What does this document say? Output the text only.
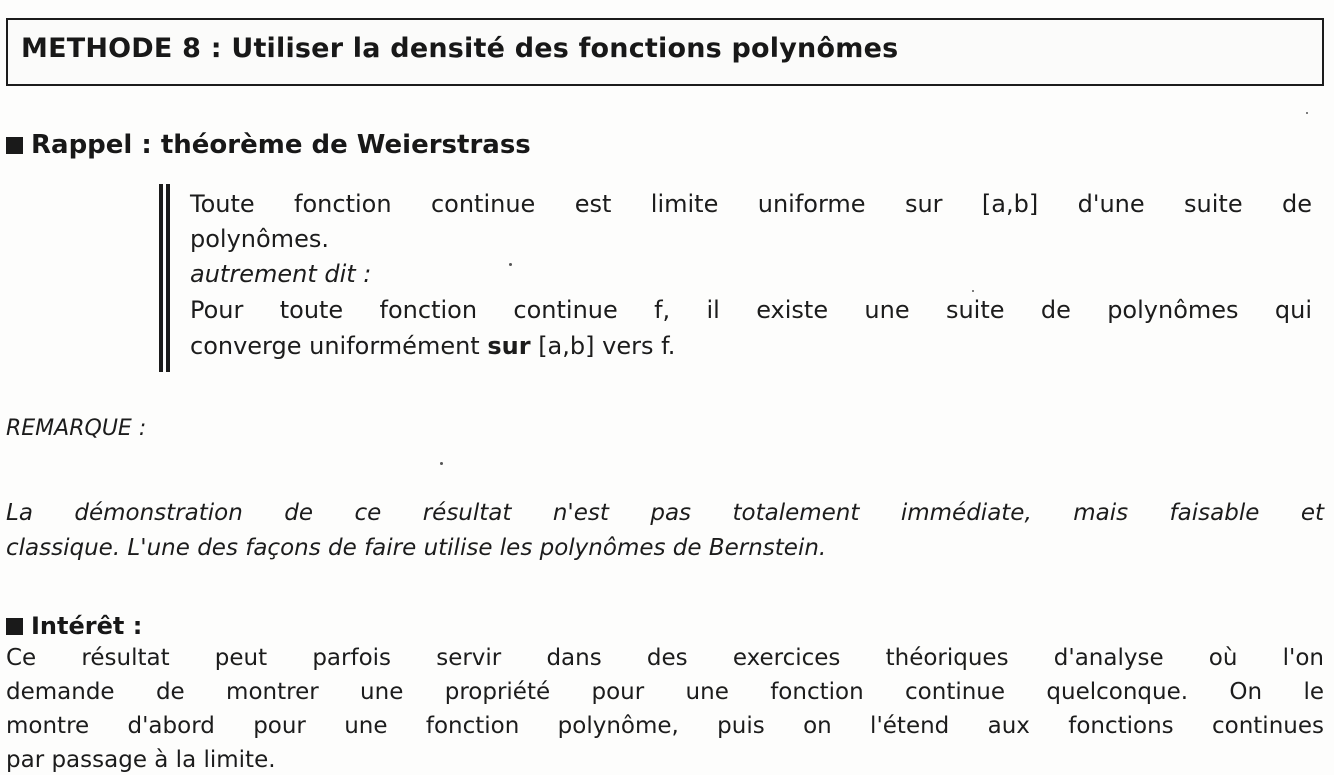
METHODE 8 : Utiliser la densité des fonctions polynômes
Rappel : théorème de Weierstrass
Toute fonction continue est limite uniforme sur [a,b] d'une suite de
polynômes.
autrement dit :
Pour toute fonction continue f, il existe une suite de polynômes qui
converge uniformément sur [a,b] vers f.
REMARQUE :
La démonstration de ce résultat n'est pas totalement immédiate, mais faisable et
classique. L'une des façons de faire utilise les polynômes de Bernstein.
Intérêt :
Ce résultat peut parfois servir dans des exercices théoriques d'analyse où l'on
demande de montrer une propriété pour une fonction continue quelconque. On le
montre d'abord pour une fonction polynôme, puis on l'étend aux fonctions continues
par passage à la limite.
